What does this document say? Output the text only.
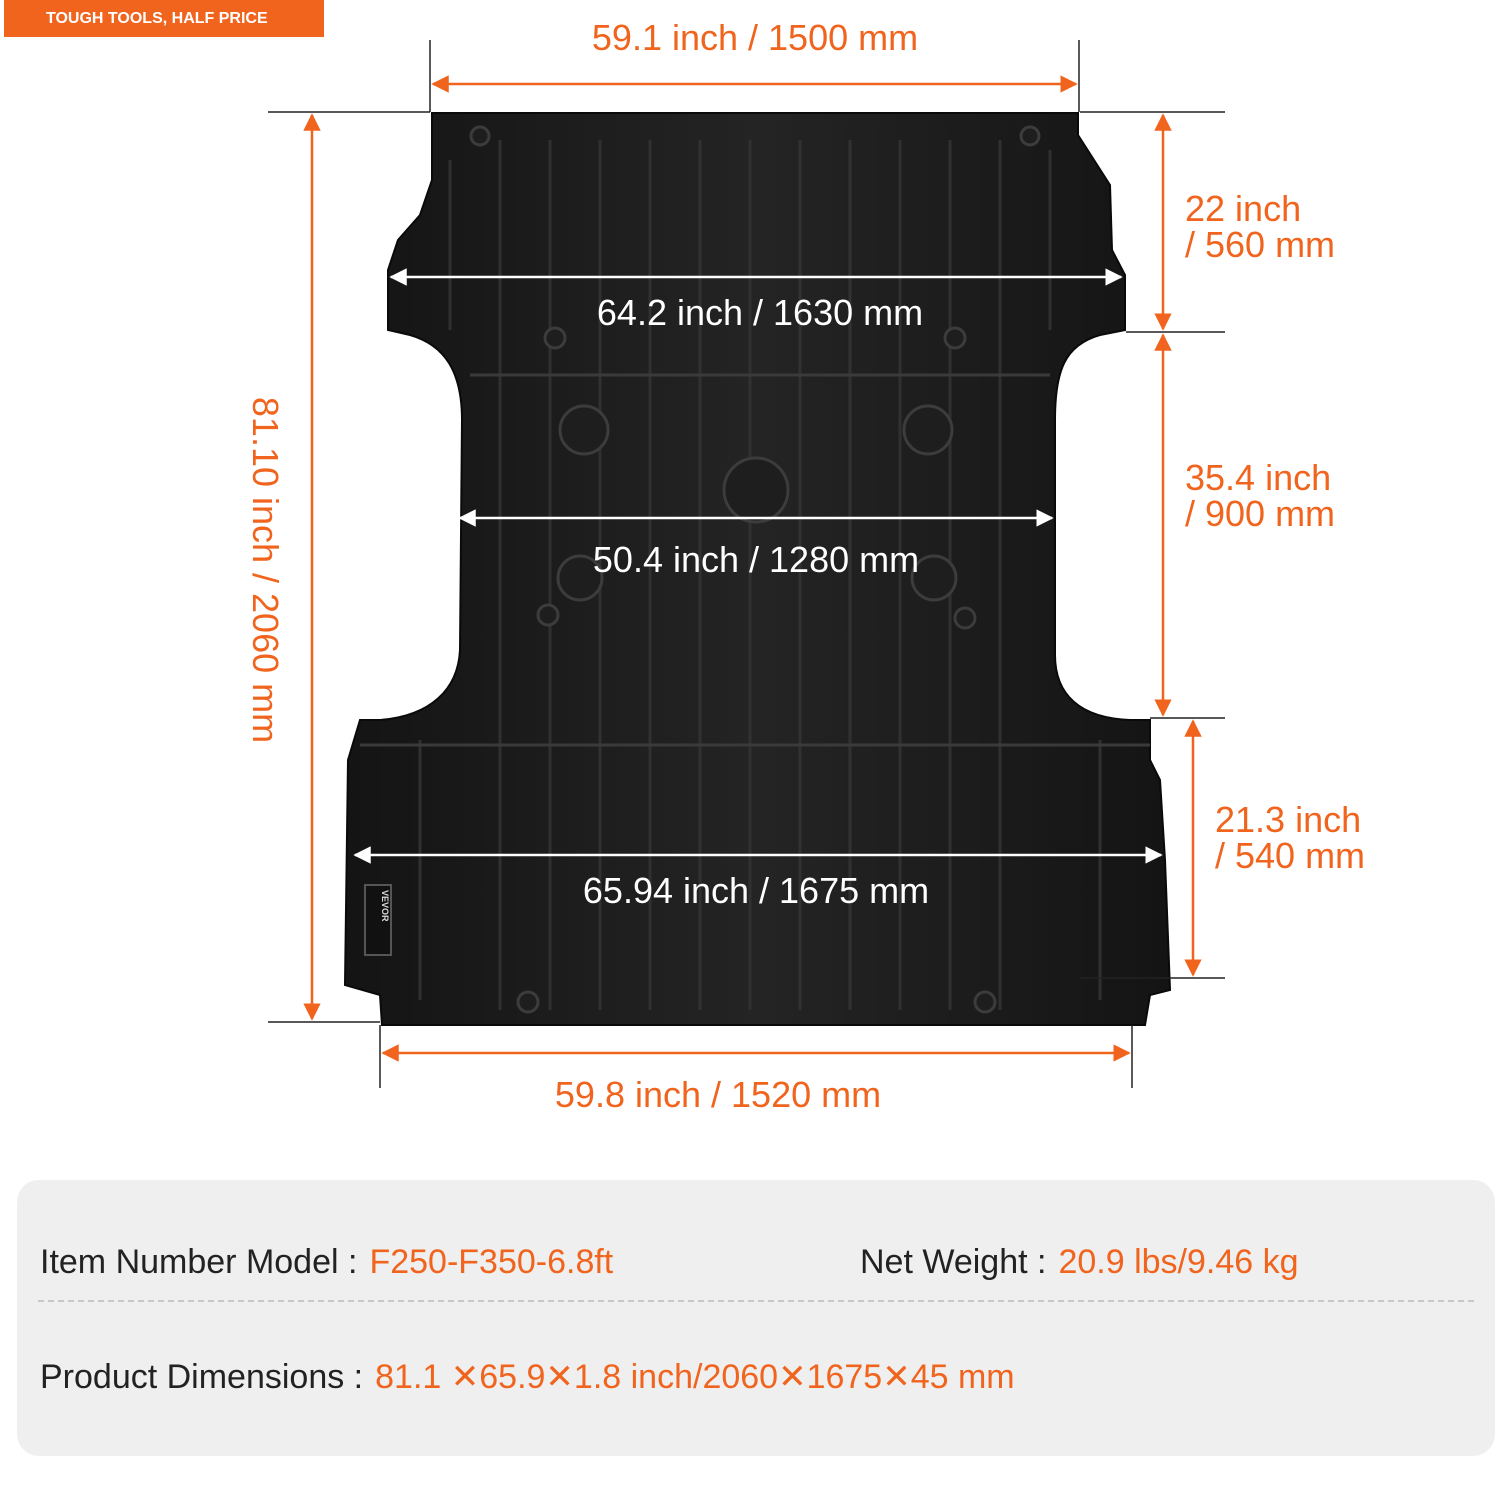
TOUGH TOOLS, HALF PRICE
VEVOR
59.1 inch / 1500 mm
81.10 inch / 2060 mm
64.2 inch / 1630 mm
50.4 inch / 1280 mm
65.94 inch / 1675 mm
59.8 inch / 1520 mm
22 inch
/ 560 mm
35.4 inch
/ 900 mm
21.3 inch
/ 540 mm
Item Number Model : F250-F350-6.8ft	Net Weight : 20.9 lbs/9.46 kg
Product Dimensions : 81.1 ✕65.9✕1.8 inch/2060✕1675✕45 mm
